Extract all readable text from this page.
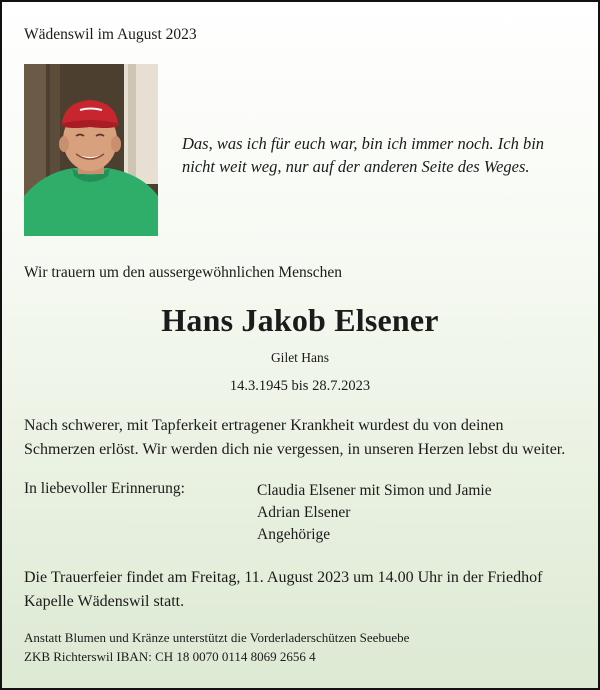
Wädenswil im August 2023
Das, was ich für euch war, bin ich immer noch. Ich bin
nicht weit weg, nur auf der anderen Seite des Weges.
Wir trauern um den aussergewöhnlichen Menschen
Hans Jakob Elsener
Gilet Hans
14.3.1945 bis 28.7.2023
Nach schwerer, mit Tapferkeit ertragener Krankheit wurdest du von deinen
Schmerzen erlöst. Wir werden dich nie vergessen, in unseren Herzen lebst du weiter.
In liebevoller Erinnerung:	Claudia Elsener mit Simon und Jamie
Adrian Elsener
Angehörige
Die Trauerfeier findet am Freitag, 11. August 2023 um 14.00 Uhr in der Friedhof
Kapelle Wädenswil statt.
Anstatt Blumen und Kränze unterstützt die Vorderladerschützen Seebuebe
ZKB Richterswil IBAN: CH 18 0070 0114 8069 2656 4
